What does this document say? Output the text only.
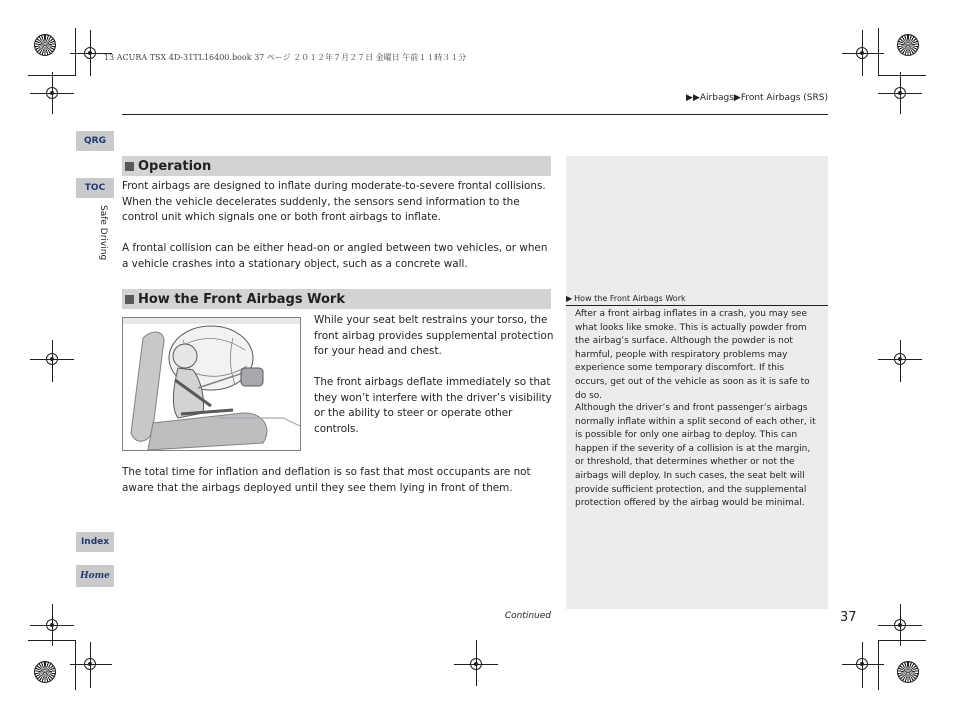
13 ACURA TSX 4D-31TL16400.book 37 ページ ２０１２年７月２７日 金曜日 午前１１時３１分
▶▶Airbags▶Front Airbags (SRS)
QRG
TOC
Safe Driving
Index
Home
Operation
Front airbags are designed to inflate during moderate-to-severe frontal collisions. When the vehicle decelerates suddenly, the sensors send information to the control unit which signals one or both front airbags to inflate.
A frontal collision can be either head-on or angled between two vehicles, or when a vehicle crashes into a stationary object, such as a concrete wall.
How the Front Airbags Work
While your seat belt restrains your torso, the front airbag provides supplemental protection for your head and chest.
The front airbags deflate immediately so that they won’t interfere with the driver’s visibility or the ability to steer or operate other controls.
The total time for inflation and deflation is so fast that most occupants are not aware that the airbags deployed until they see them lying in front of them.
▶ How the Front Airbags Work
After a front airbag inflates in a crash, you may see what looks like smoke. This is actually powder from the airbag’s surface. Although the powder is not harmful, people with respiratory problems may experience some temporary discomfort. If this occurs, get out of the vehicle as soon as it is safe to do so.
Although the driver’s and front passenger’s airbags normally inflate within a split second of each other, it is possible for only one airbag to deploy. This can happen if the severity of a collision is at the margin, or threshold, that determines whether or not the airbags will deploy. In such cases, the seat belt will provide sufficient protection, and the supplemental protection offered by the airbag would be minimal.
Continued	37
